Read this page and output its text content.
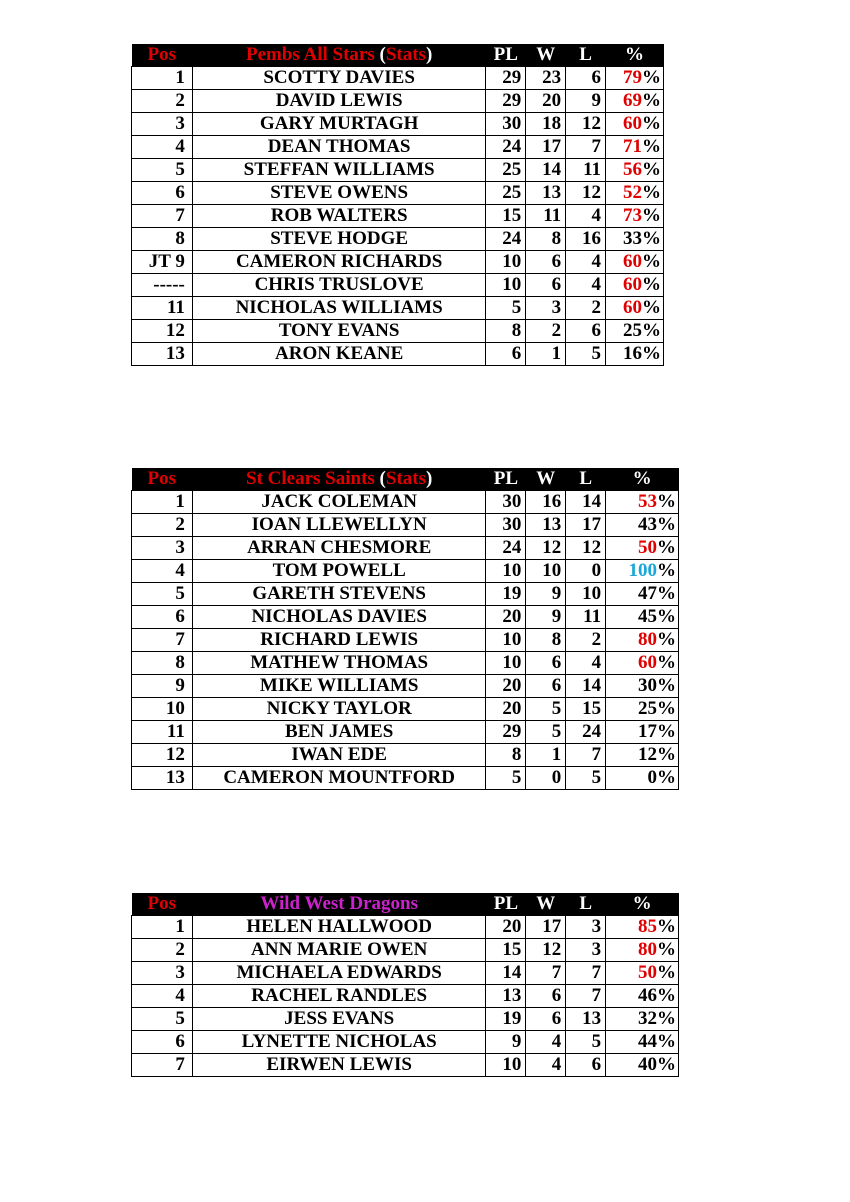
Pos	Pembs All Stars (Stats)	PL	W	L	%
1	SCOTTY DAVIES	29	23	6	79%
2	DAVID LEWIS	29	20	9	69%
3	GARY MURTAGH	30	18	12	60%
4	DEAN THOMAS	24	17	7	71%
5	STEFFAN WILLIAMS	25	14	11	56%
6	STEVE OWENS	25	13	12	52%
7	ROB WALTERS	15	11	4	73%
8	STEVE HODGE	24	8	16	33%
JT 9	CAMERON RICHARDS	10	6	4	60%
-----	CHRIS TRUSLOVE	10	6	4	60%
11	NICHOLAS WILLIAMS	5	3	2	60%
12	TONY EVANS	8	2	6	25%
13	ARON KEANE	6	1	5	16%
Pos	St Clears Saints (Stats)	PL	W	L	%
1	JACK COLEMAN	30	16	14	53%
2	IOAN LLEWELLYN	30	13	17	43%
3	ARRAN CHESMORE	24	12	12	50%
4	TOM POWELL	10	10	0	100%
5	GARETH STEVENS	19	9	10	47%
6	NICHOLAS DAVIES	20	9	11	45%
7	RICHARD LEWIS	10	8	2	80%
8	MATHEW THOMAS	10	6	4	60%
9	MIKE WILLIAMS	20	6	14	30%
10	NICKY TAYLOR	20	5	15	25%
11	BEN JAMES	29	5	24	17%
12	IWAN EDE	8	1	7	12%
13	CAMERON MOUNTFORD	5	0	5	0%
Pos	Wild West Dragons	PL	W	L	%
1	HELEN HALLWOOD	20	17	3	85%
2	ANN MARIE OWEN	15	12	3	80%
3	MICHAELA EDWARDS	14	7	7	50%
4	RACHEL RANDLES	13	6	7	46%
5	JESS EVANS	19	6	13	32%
6	LYNETTE NICHOLAS	9	4	5	44%
7	EIRWEN LEWIS	10	4	6	40%
